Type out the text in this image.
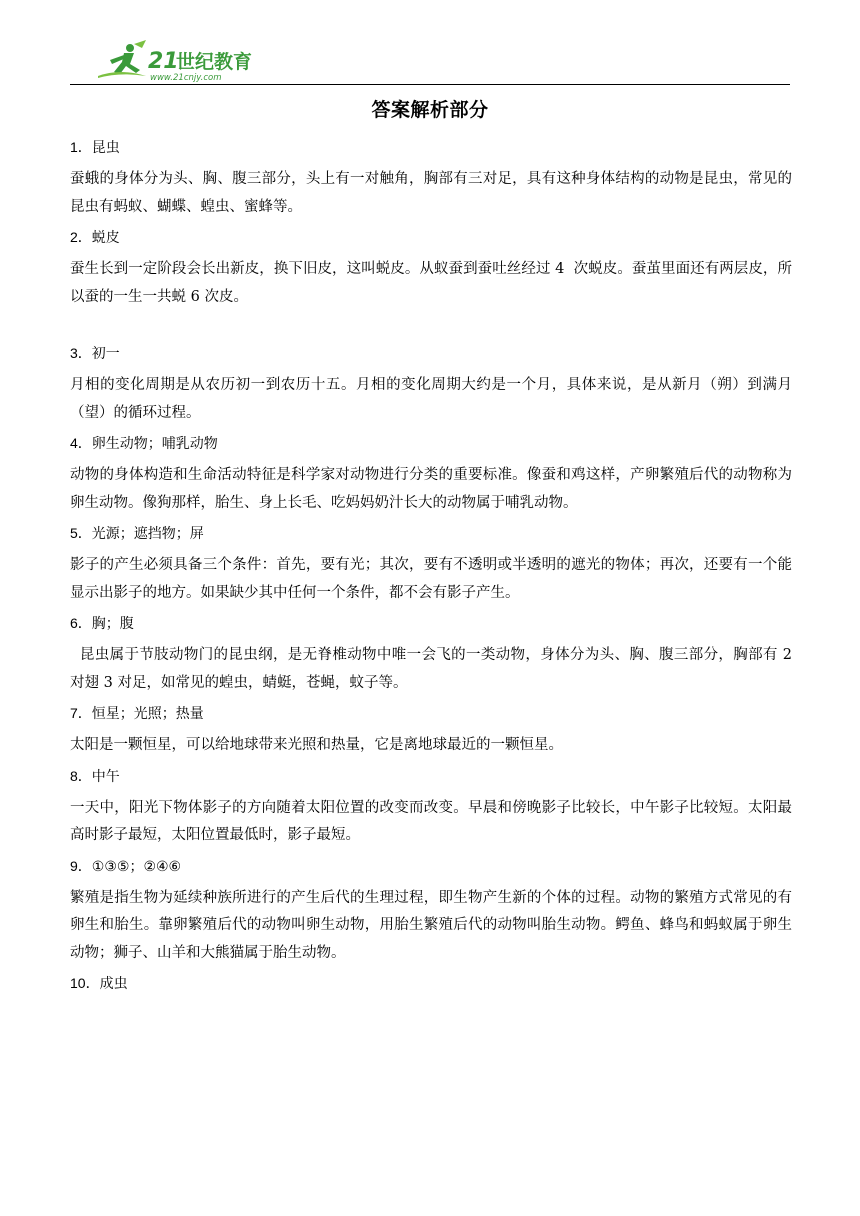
21
世纪教育
www.21cnjy.com
答案解析部分

1．昆虫

蚕蛾的身体分为头、胸、腹三部分，头上有一对触角，胸部有三对足，具有这种身体结构的动物是昆虫，常见的昆虫有蚂蚁、蝴蝶、蝗虫、蜜蜂等。

2．蜕皮

蚕生长到一定阶段会长出新皮，换下旧皮，这叫蜕皮。从蚁蚕到蚕吐丝经过 4  次蜕皮。蚕茧里面还有两层皮，所以蚕的一生一共蜕 6 次皮。

3．初一

月相的变化周期是从农历初一到农历十五。月相的变化周期大约是一个月，具体来说，是从新月（朔）到满月（望）的循环过程。

4．卵生动物；哺乳动物

动物的身体构造和生命活动特征是科学家对动物进行分类的重要标准。像蚕和鸡这样，产卵繁殖后代的动物称为卵生动物。像狗那样，胎生、身上长毛、吃妈妈奶汁长大的动物属于哺乳动物。

5．光源；遮挡物；屏

影子的产生必须具备三个条件：首先，要有光；其次，要有不透明或半透明的遮光的物体；再次，还要有一个能显示出影子的地方。如果缺少其中任何一个条件，都不会有影子产生。

6．胸；腹

昆虫属于节肢动物门的昆虫纲，是无脊椎动物中唯一会飞的一类动物，身体分为头、胸、腹三部分，胸部有 2 对翅 3 对足，如常见的蝗虫，蜻蜓，苍蝇，蚊子等。

7．恒星；光照；热量

太阳是一颗恒星，可以给地球带来光照和热量，它是离地球最近的一颗恒星。

8．中午

一天中，阳光下物体影子的方向随着太阳位置的改变而改变。早晨和傍晚影子比较长，中午影子比较短。太阳最高时影子最短，太阳位置最低时，影子最短。

9．①③⑤；②④⑥

繁殖是指生物为延续种族所进行的产生后代的生理过程，即生物产生新的个体的过程。动物的繁殖方式常见的有卵生和胎生。靠卵繁殖后代的动物叫卵生动物，用胎生繁殖后代的动物叫胎生动物。鳄鱼、蜂鸟和蚂蚁属于卵生动物；狮子、山羊和大熊猫属于胎生动物。

10．成虫
